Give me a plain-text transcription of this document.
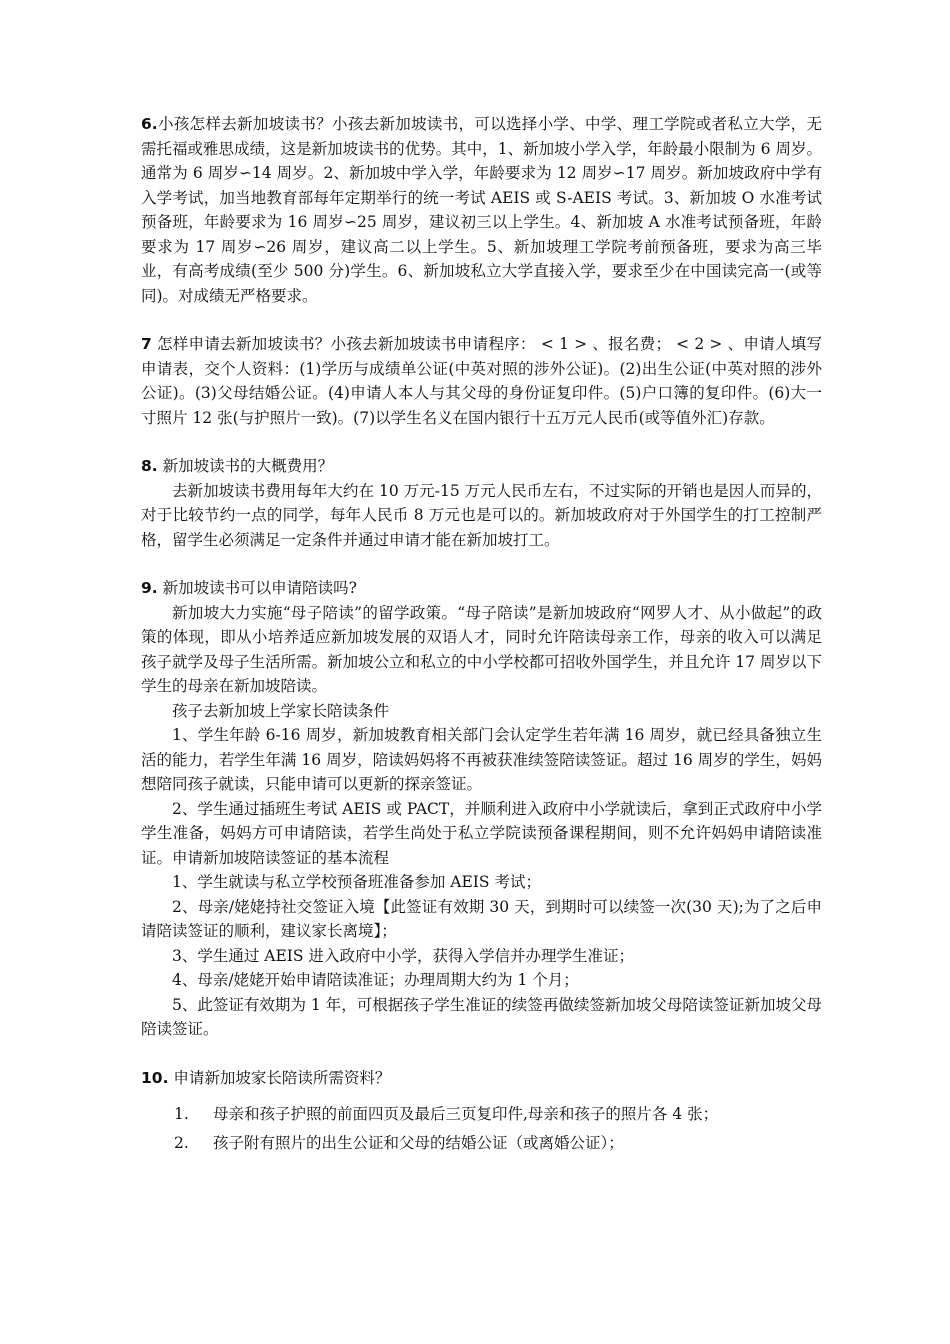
6.小孩怎样去新加坡读书？小孩去新加坡读书，可以选择小学、中学、理工学院或者私立大学，无需托福或雅思成绩，这是新加坡读书的优势。其中，1、新加坡小学入学，年龄最小限制为 6 周岁。通常为 6 周岁∽14 周岁。2、新加坡中学入学，年龄要求为 12 周岁∽17 周岁。新加坡政府中学有入学考试，加当地教育部每年定期举行的统一考试 AEIS 或 S-AEIS 考试。3、新加坡 O 水准考试预备班，年龄要求为 16 周岁∽25 周岁，建议初三以上学生。4、新加坡 A 水准考试预备班，年龄要求为 17 周岁∽26 周岁，建议高二以上学生。5、新加坡理工学院考前预备班，要求为高三毕业，有高考成绩(至少 500 分)学生。6、新加坡私立大学直接入学，要求至少在中国读完高一(或等同)。对成绩无严格要求。

7 怎样申请去新加坡读书？小孩去新加坡读书申请程序： < 1 > 、报名费； < 2 > 、申请人填写申请表，交个人资料：(1)学历与成绩单公证(中英对照的涉外公证)。(2)出生公证(中英对照的涉外公证)。(3)父母结婚公证。(4)申请人本人与其父母的身份证复印件。(5)户口簿的复印件。(6)大一寸照片 12 张(与护照片一致)。(7)以学生名义在国内银行十五万元人民币(或等值外汇)存款。

8. 新加坡读书的大概费用？

去新加坡读书费用每年大约在 10 万元-15 万元人民币左右，不过实际的开销也是因人而异的，对于比较节约一点的同学，每年人民币 8 万元也是可以的。新加坡政府对于外国学生的打工控制严格，留学生必须满足一定条件并通过申请才能在新加坡打工。

9. 新加坡读书可以申请陪读吗?

新加坡大力实施“母子陪读”的留学政策。“母子陪读”是新加坡政府“网罗人才、从小做起”的政策的体现，即从小培养适应新加坡发展的双语人才，同时允许陪读母亲工作，母亲的收入可以满足孩子就学及母子生活所需。新加坡公立和私立的中小学校都可招收外国学生，并且允许 17 周岁以下学生的母亲在新加坡陪读。

孩子去新加坡上学家长陪读条件

1、学生年龄 6-16 周岁，新加坡教育相关部门会认定学生若年满 16 周岁，就已经具备独立生活的能力，若学生年满 16 周岁，陪读妈妈将不再被获准续签陪读签证。超过 16 周岁的学生，妈妈想陪同孩子就读，只能申请可以更新的探亲签证。

2、学生通过插班生考试 AEIS 或 PACT，并顺利进入政府中小学就读后，拿到正式政府中小学学生准备，妈妈方可申请陪读，若学生尚处于私立学院读预备课程期间，则不允许妈妈申请陪读准证。申请新加坡陪读签证的基本流程

1、学生就读与私立学校预备班准备参加 AEIS 考试；

2、母亲/姥姥持社交签证入境【此签证有效期 30 天，到期时可以续签一次(30 天);为了之后申请陪读签证的顺利，建议家长离境】；

3、学生通过 AEIS 进入政府中小学，获得入学信并办理学生准证；

4、母亲/姥姥开始申请陪读准证；办理周期大约为 1 个月；

5、此签证有效期为 1 年，可根据孩子学生准证的续签再做续签新加坡父母陪读签证新加坡父母陪读签证。

10. 申请新加坡家长陪读所需资料？

1. 母亲和孩子护照的前面四页及最后三页复印件,母亲和孩子的照片各 4 张；
2. 孩子附有照片的出生公证和父母的结婚公证（或离婚公证）；
